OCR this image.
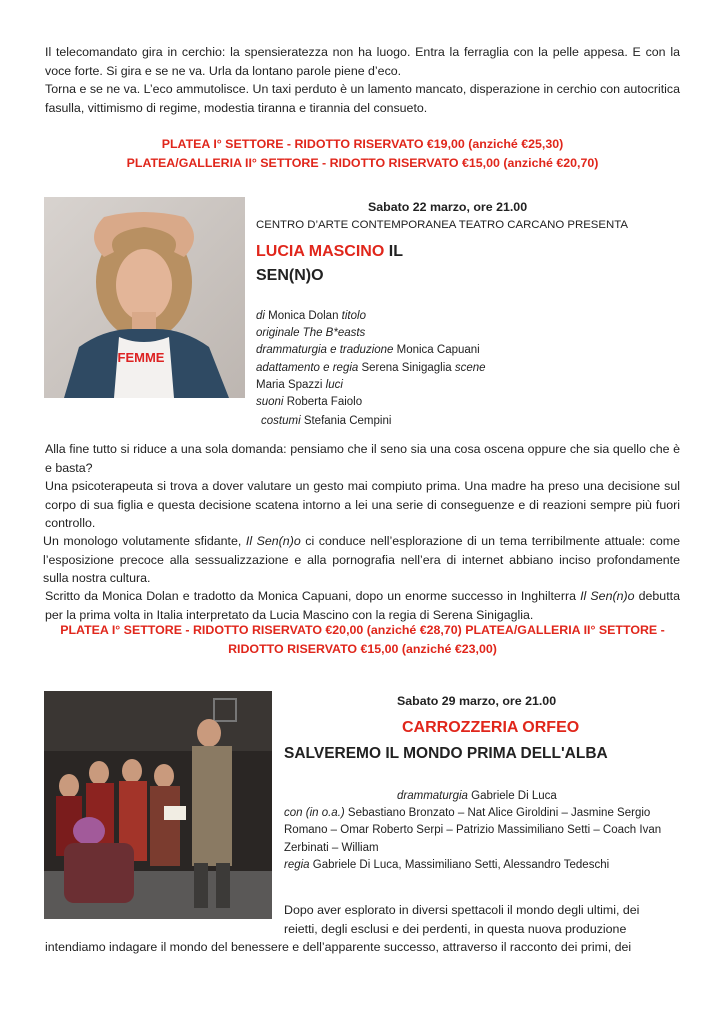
Il telecomandato gira in cerchio: la spensieratezza non ha luogo. Entra la ferraglia con la pelle appesa. E con la voce forte. Si gira e se ne va. Urla da lontano parole piene d’eco.
Torna e se ne va. L’eco ammutolisce. Un taxi perduto è un lamento mancato, disperazione in cerchio con autocritica fasulla, vittimismo di regime, modestia tiranna e tirannia del consueto.
PLATEA I° SETTORE - RIDOTTO RISERVATO €19,00 (anziché €25,30)
PLATEA/GALLERIA II° SETTORE - RIDOTTO RISERVATO €15,00 (anziché €20,70)
FEMME
Sabato 22 marzo, ore 21.00
CENTRO D’ARTE CONTEMPORANEA TEATRO CARCANO PRESENTA
LUCIA MASCINO IL
SEN(N)O
di Monica Dolan titolo
originale The B*easts
drammaturgia e traduzione Monica Capuani
adattamento e regia Serena Sinigaglia scene
Maria Spazzi luci
suoni Roberta Faiolo
costumi Stefania Cempini
Alla fine tutto si riduce a una sola domanda: pensiamo che il seno sia una cosa oscena oppure che sia quello che è e basta?
Una psicoterapeuta si trova a dover valutare un gesto mai compiuto prima. Una madre ha preso una decisione sul corpo di sua figlia e questa decisione scatena intorno a lei una serie di conseguenze e di reazioni sempre più fuori controllo.
Un monologo volutamente sfidante, Il Sen(n)o ci conduce nell’esplorazione di un tema terribilmente attuale: come l’esposizione precoce alla sessualizzazione e alla pornografia nell’era di internet abbiano inciso profondamente sulla nostra cultura.
Scritto da Monica Dolan e tradotto da Monica Capuani, dopo un enorme successo in Inghilterra Il Sen(n)o debutta per la prima volta in Italia interpretato da Lucia Mascino con la regia di Serena Sinigaglia.
PLATEA I° SETTORE - RIDOTTO RISERVATO €20,00 (anziché €28,70) PLATEA/GALLERIA II° SETTORE -
RIDOTTO RISERVATO €15,00 (anziché €23,00)
Sabato 29 marzo, ore 21.00
CARROZZERIA ORFEO
SALVEREMO IL MONDO PRIMA DELL'ALBA
drammaturgia Gabriele Di Luca
con (in o.a.) Sebastiano Bronzato – Nat Alice Giroldini – Jasmine Sergio
Romano – Omar Roberto Serpi – Patrizio Massimiliano Setti – Coach Ivan
Zerbinati – William
regia Gabriele Di Luca, Massimiliano Setti, Alessandro Tedeschi
Dopo aver esplorato in diversi spettacoli il mondo degli ultimi, dei
reietti, degli esclusi e dei perdenti, in questa nuova produzione
intendiamo indagare il mondo del benessere e dell’apparente successo, attraverso il racconto dei primi, dei
